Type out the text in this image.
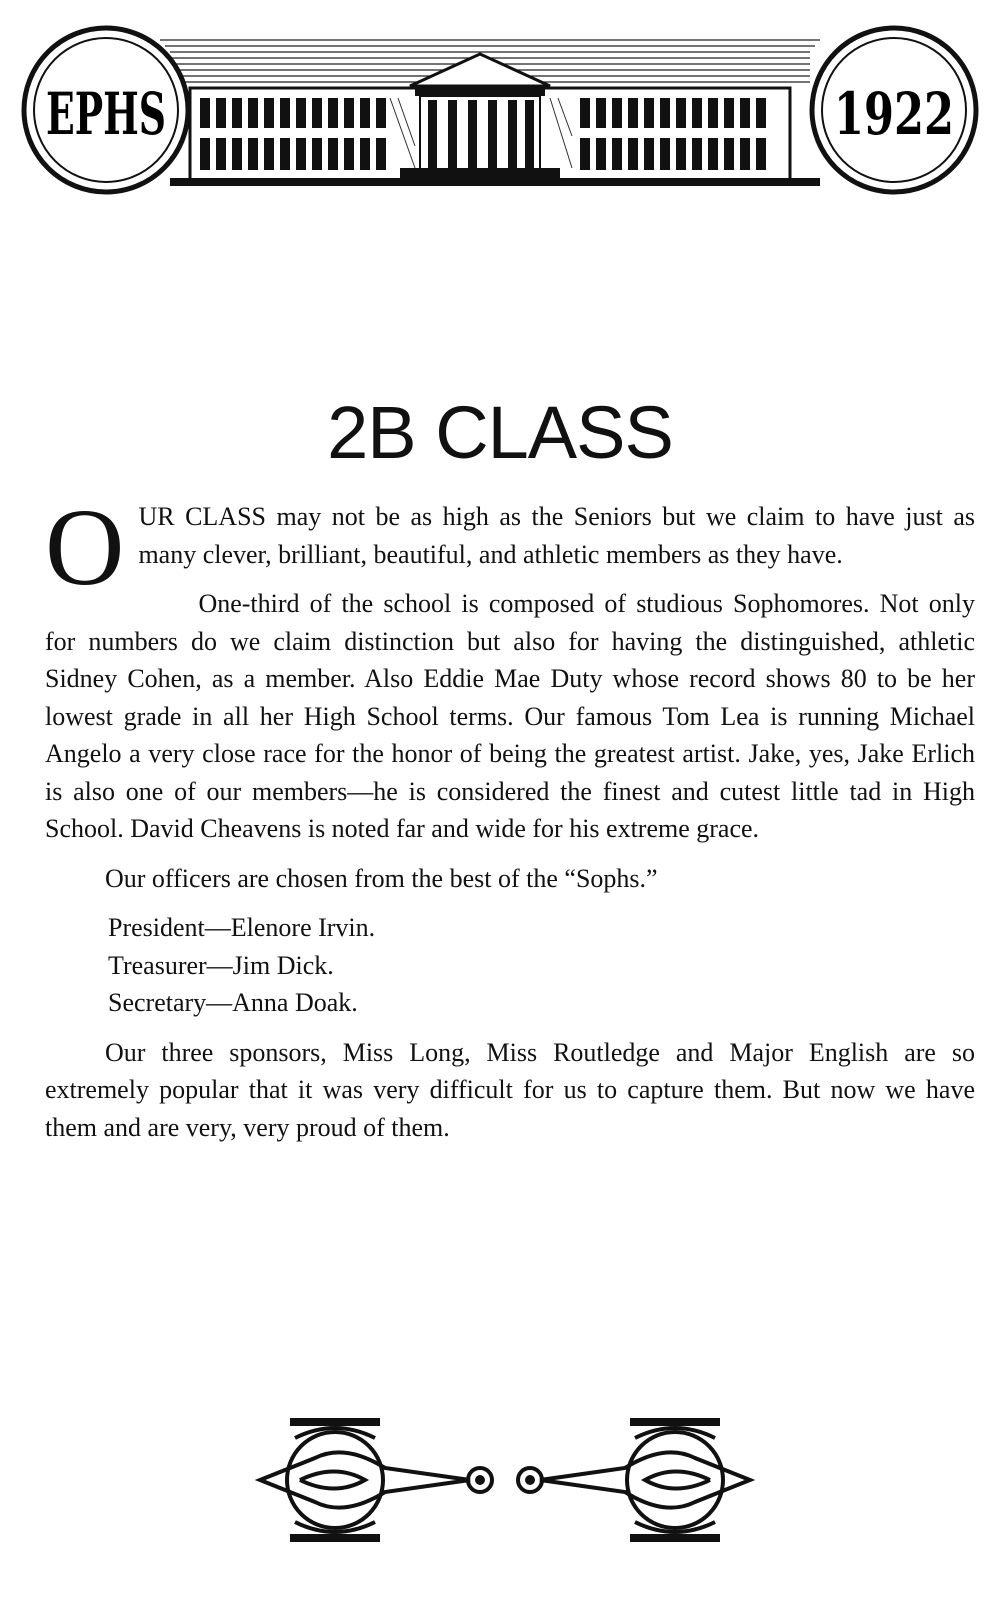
EPHS	1922
2B CLASS

OUR CLASS may not be as high as the Seniors but we claim to have just as many clever, brilliant, beautiful, and athletic members as they have.

One-third of the school is composed of studious Sophomores. Not only for numbers do we claim distinction but also for having the distinguished, athletic Sidney Cohen, as a member. Also Eddie Mae Duty whose record shows 80 to be her lowest grade in all her High School terms. Our famous Tom Lea is running Michael Angelo a very close race for the honor of being the greatest artist. Jake, yes, Jake Erlich is also one of our members—he is considered the finest and cutest little tad in High School. David Cheavens is noted far and wide for his extreme grace.

Our officers are chosen from the best of the “Sophs.”

President—Elenore Irvin.

Treasurer—Jim Dick.

Secretary—Anna Doak.

Our three sponsors, Miss Long, Miss Routledge and Major English are so extremely popular that it was very difficult for us to capture them. But now we have them and are very, very proud of them.
